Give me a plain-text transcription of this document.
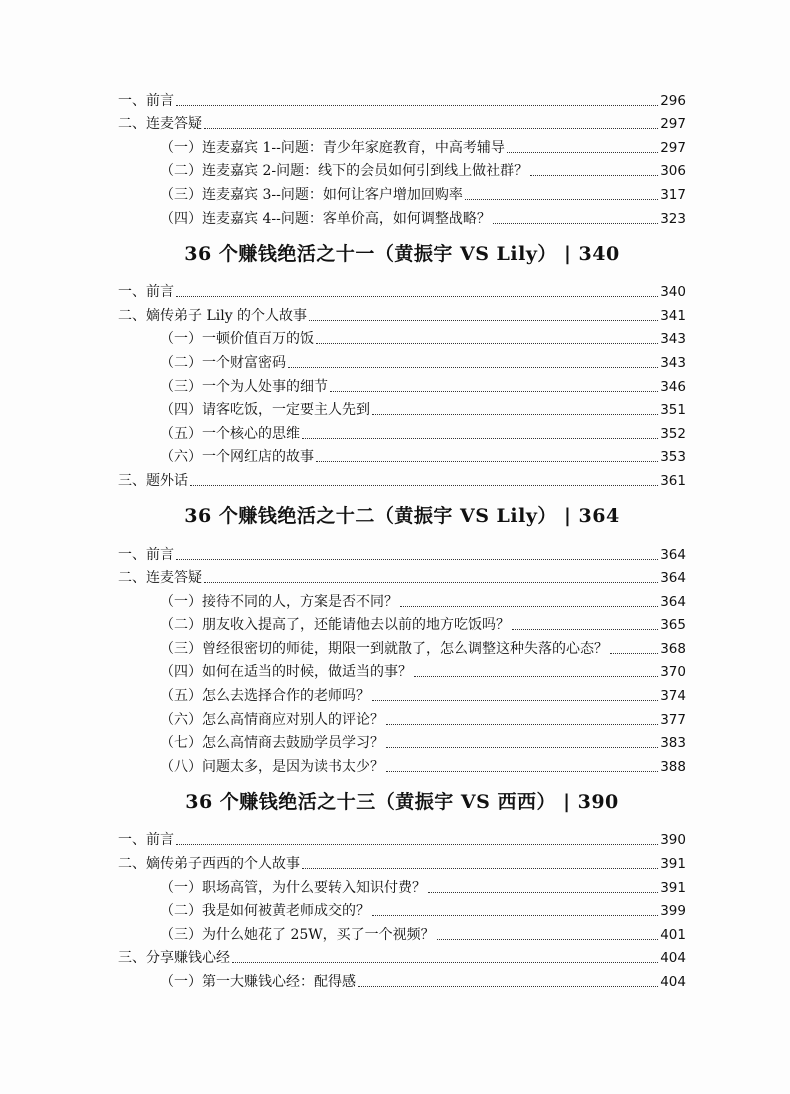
一、前言	296
二、连麦答疑	297
（一）连麦嘉宾 1--问题：青少年家庭教育，中高考辅导	297
（二）连麦嘉宾 2-问题：线下的会员如何引到线上做社群？	306
（三）连麦嘉宾 3--问题：如何让客户增加回购率	317
（四）连麦嘉宾 4--问题：客单价高，如何调整战略？	323
36 个赚钱绝活之十一（黄振宇 VS Lily） | 340
一、前言	340
二、嫡传弟子 Lily 的个人故事	341
（一）一顿价值百万的饭	343
（二）一个财富密码	343
（三）一个为人处事的细节	346
（四）请客吃饭，一定要主人先到	351
（五）一个核心的思维	352
（六）一个网红店的故事	353
三、题外话	361
36 个赚钱绝活之十二（黄振宇 VS Lily） | 364
一、前言	364
二、连麦答疑	364
（一）接待不同的人，方案是否不同？	364
（二）朋友收入提高了，还能请他去以前的地方吃饭吗？	365
（三）曾经很密切的师徒，期限一到就散了，怎么调整这种失落的心态？	368
（四）如何在适当的时候，做适当的事？	370
（五）怎么去选择合作的老师吗？	374
（六）怎么高情商应对别人的评论？	377
（七）怎么高情商去鼓励学员学习？	383
（八）问题太多，是因为读书太少？	388
36 个赚钱绝活之十三（黄振宇 VS 西西） | 390
一、前言	390
二、嫡传弟子西西的个人故事	391
（一）职场高管，为什么要转入知识付费？	391
（二）我是如何被黄老师成交的？	399
（三）为什么她花了 25W，买了一个视频？	401
三、分享赚钱心经	404
（一）第一大赚钱心经：配得感	404
